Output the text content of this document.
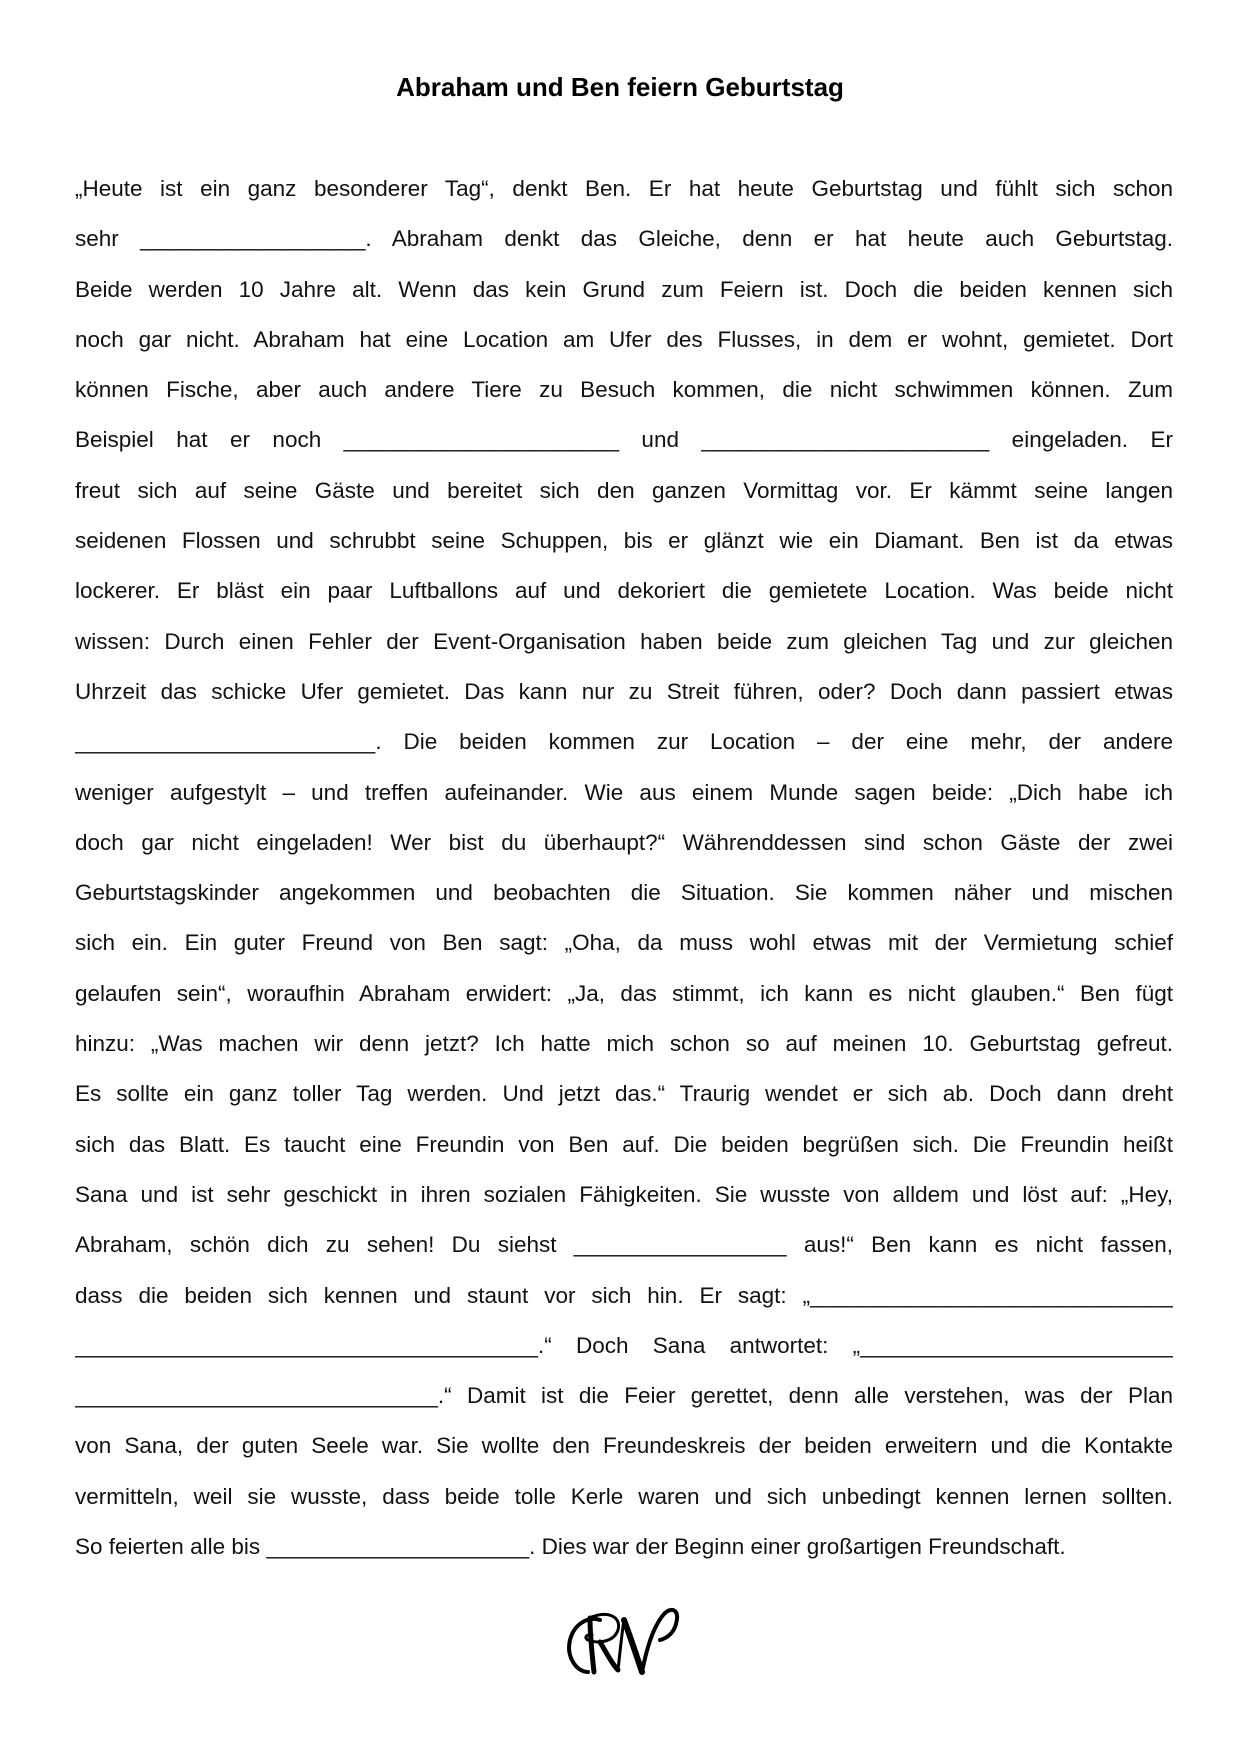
Abraham und Ben feiern Geburtstag
„Heute ist ein ganz besonderer Tag“, denkt Ben. Er hat heute Geburtstag und fühlt sich schon
sehr __________________. Abraham denkt das Gleiche, denn er hat heute auch Geburtstag.
Beide werden 10 Jahre alt. Wenn das kein Grund zum Feiern ist. Doch die beiden kennen sich
noch gar nicht. Abraham hat eine Location am Ufer des Flusses, in dem er wohnt, gemietet. Dort
können Fische, aber auch andere Tiere zu Besuch kommen, die nicht schwimmen können. Zum
Beispiel hat er noch ______________________ und _______________________ eingeladen. Er
freut sich auf seine Gäste und bereitet sich den ganzen Vormittag vor. Er kämmt seine langen
seidenen Flossen und schrubbt seine Schuppen, bis er glänzt wie ein Diamant. Ben ist da etwas
lockerer. Er bläst ein paar Luftballons auf und dekoriert die gemietete Location. Was beide nicht
wissen: Durch einen Fehler der Event-Organisation haben beide zum gleichen Tag und zur gleichen
Uhrzeit das schicke Ufer gemietet. Das kann nur zu Streit führen, oder? Doch dann passiert etwas
________________________. Die beiden kommen zur Location – der eine mehr, der andere
weniger aufgestylt – und treffen aufeinander. Wie aus einem Munde sagen beide: „Dich habe ich
doch gar nicht eingeladen! Wer bist du überhaupt?“ Währenddessen sind schon Gäste der zwei
Geburtstagskinder angekommen und beobachten die Situation. Sie kommen näher und mischen
sich ein. Ein guter Freund von Ben sagt: „Oha, da muss wohl etwas mit der Vermietung schief
gelaufen sein“, woraufhin Abraham erwidert: „Ja, das stimmt, ich kann es nicht glauben.“ Ben fügt
hinzu: „Was machen wir denn jetzt? Ich hatte mich schon so auf meinen 10. Geburtstag gefreut.
Es sollte ein ganz toller Tag werden. Und jetzt das.“ Traurig wendet er sich ab. Doch dann dreht
sich das Blatt. Es taucht eine Freundin von Ben auf. Die beiden begrüßen sich. Die Freundin heißt
Sana und ist sehr geschickt in ihren sozialen Fähigkeiten. Sie wusste von alldem und löst auf: „Hey,
Abraham, schön dich zu sehen! Du siehst _________________ aus!“ Ben kann es nicht fassen,
dass die beiden sich kennen und staunt vor sich hin. Er sagt: „_____________________________
_____________________________________.“ Doch Sana antwortet: „_________________________
_____________________________.“ Damit ist die Feier gerettet, denn alle verstehen, was der Plan
von Sana, der guten Seele war. Sie wollte den Freundeskreis der beiden erweitern und die Kontakte
vermitteln, weil sie wusste, dass beide tolle Kerle waren und sich unbedingt kennen lernen sollten.
So feierten alle bis _____________________. Dies war der Beginn einer großartigen Freundschaft.
